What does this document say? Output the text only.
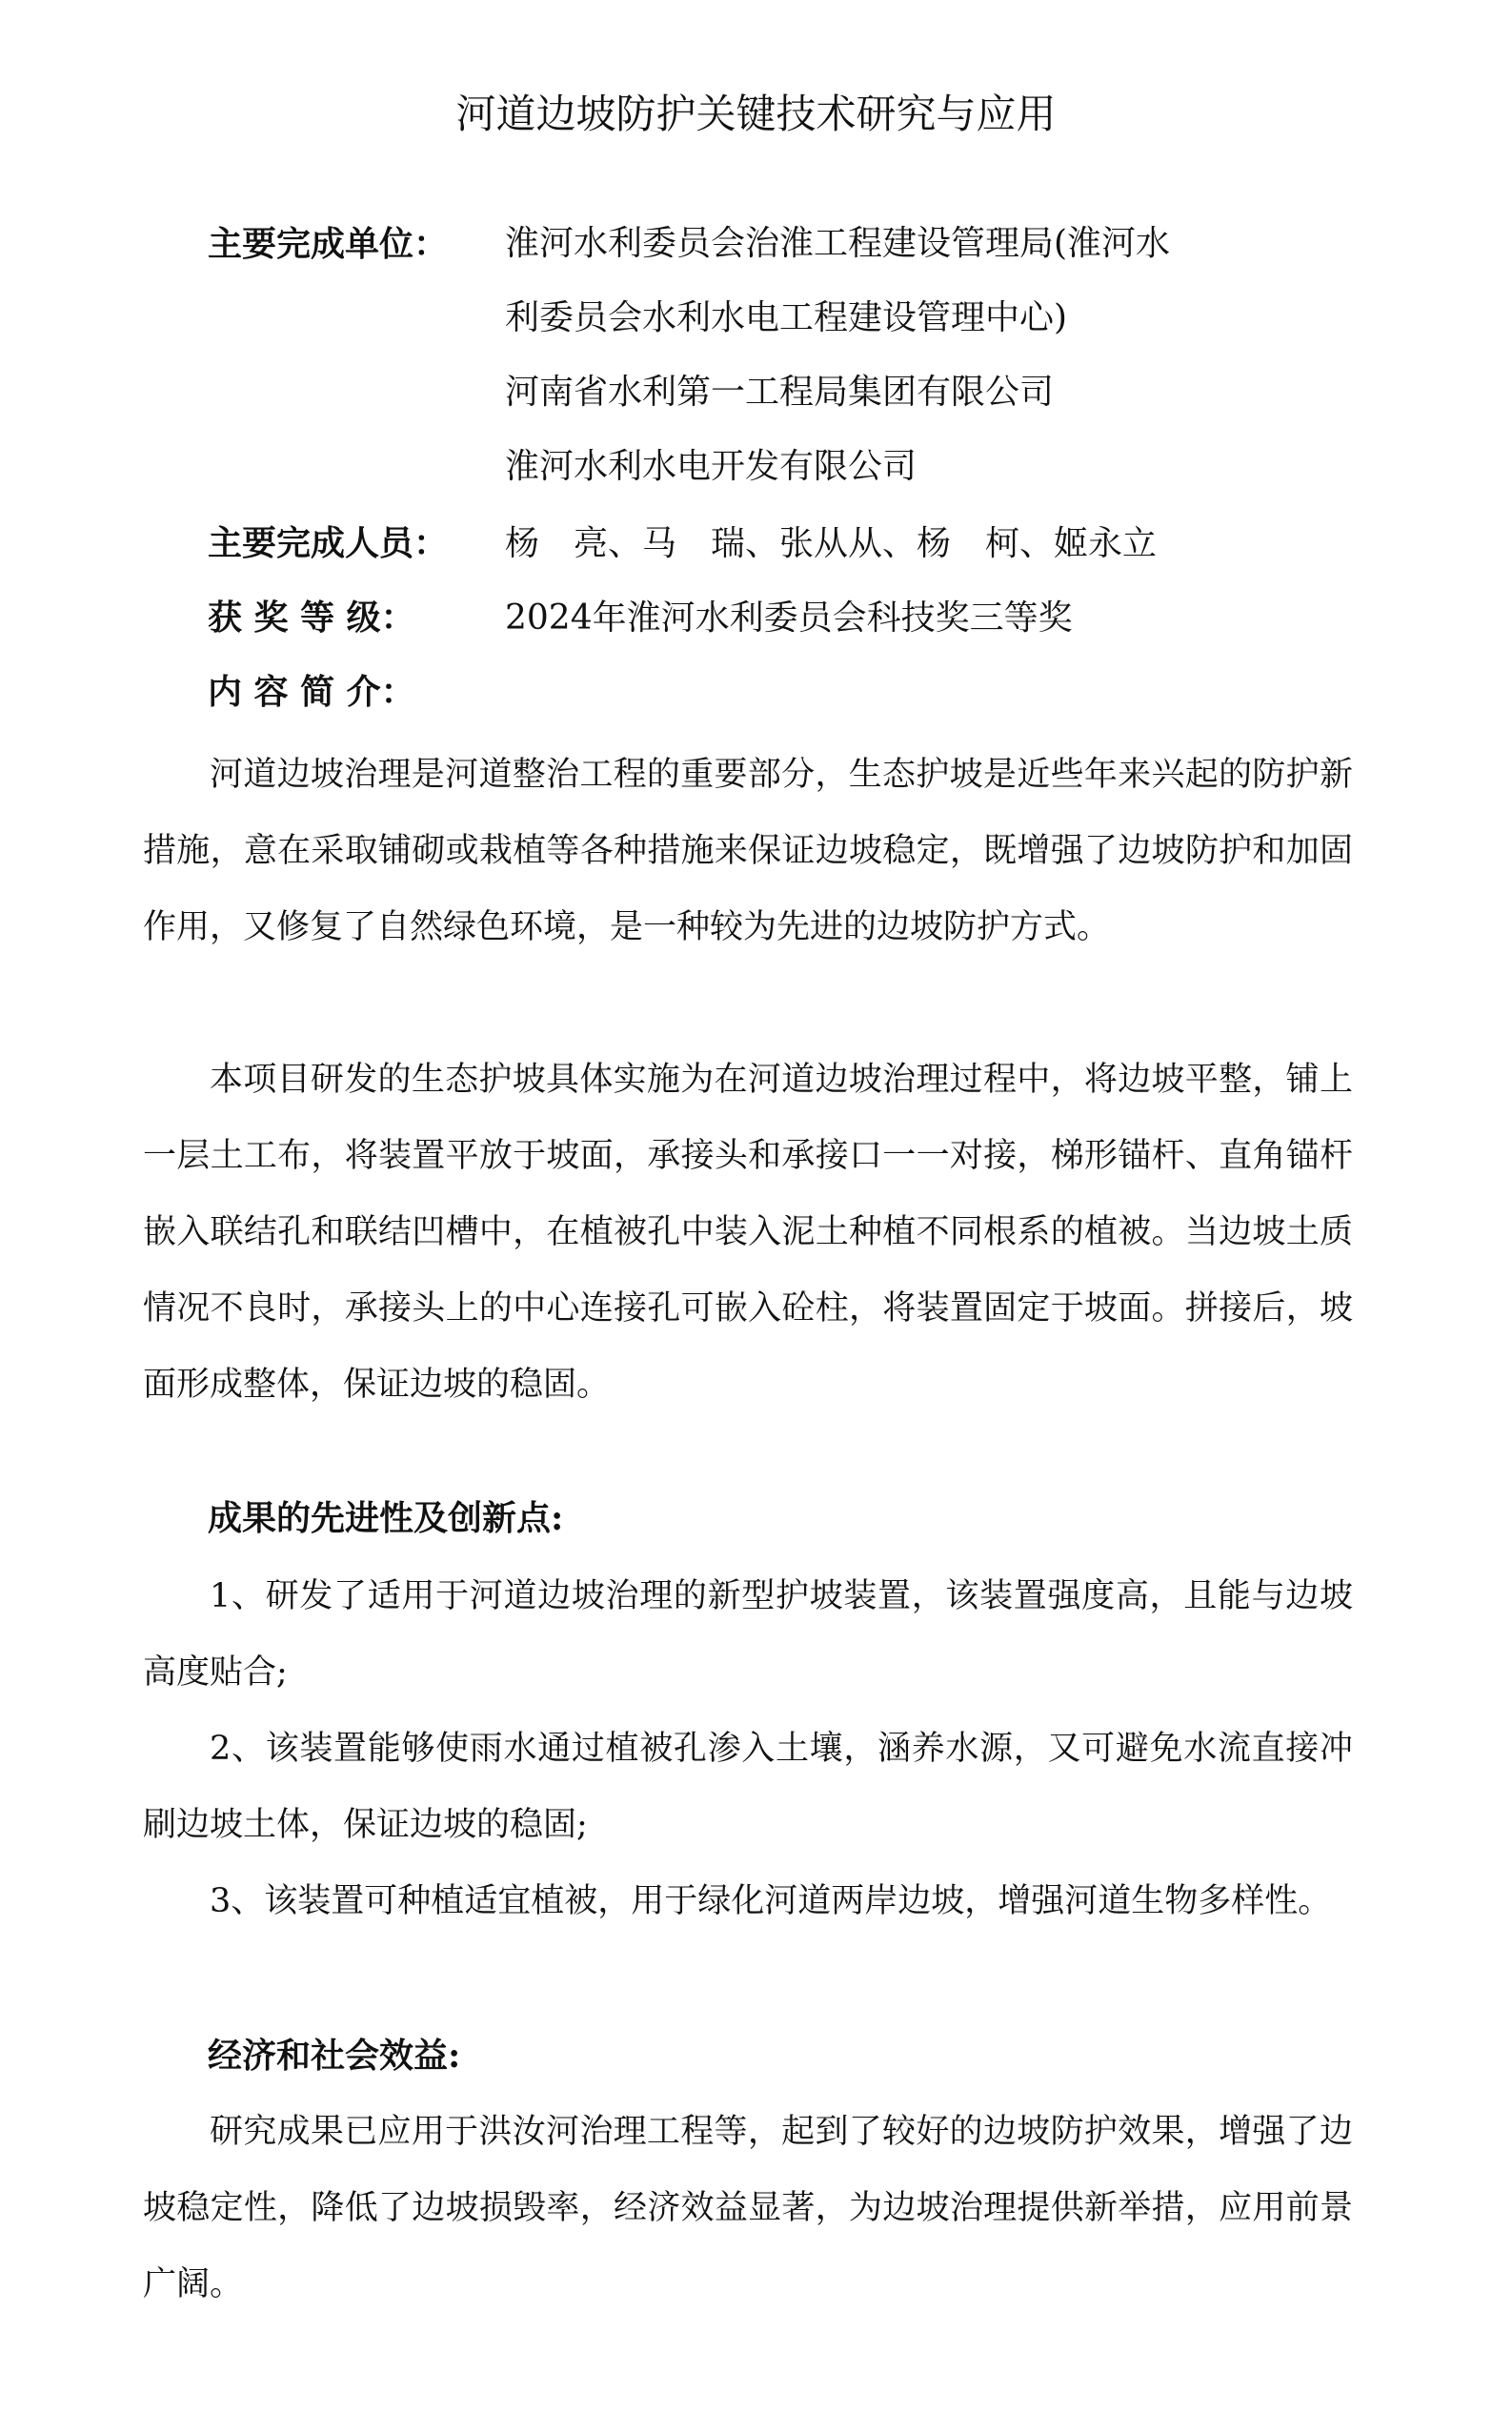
河道边坡防护关键技术研究与应用
主要完成单位：	淮河水利委员会治淮工程建设管理局(淮河水
利委员会水利水电工程建设管理中心)
河南省水利第一工程局集团有限公司
淮河水利水电开发有限公司
主要完成人员： 杨　亮、马　瑞、张从从、杨　柯、姬永立
获 奖 等 级：	2024年淮河水利委员会科技奖三等奖
内 容 简 介：

河道边坡治理是河道整治工程的重要部分，生态护坡是近些年来兴起的防护新措施，意在采取铺砌或栽植等各种措施来保证边坡稳定，既增强了边坡防护和加固作用，又修复了自然绿色环境，是一种较为先进的边坡防护方式。

本项目研发的生态护坡具体实施为在河道边坡治理过程中，将边坡平整，铺上一层土工布，将装置平放于坡面，承接头和承接口一一对接，梯形锚杆、直角锚杆嵌入联结孔和联结凹槽中，在植被孔中装入泥土种植不同根系的植被。当边坡土质情况不良时，承接头上的中心连接孔可嵌入砼柱，将装置固定于坡面。拼接后，坡面形成整体，保证边坡的稳固。

成果的先进性及创新点:

1、研发了适用于河道边坡治理的新型护坡装置，该装置强度高，且能与边坡高度贴合;

2、该装置能够使雨水通过植被孔渗入土壤，涵养水源，又可避免水流直接冲刷边坡土体，保证边坡的稳固;

3、该装置可种植适宜植被，用于绿化河道两岸边坡，增强河道生物多样性。

经济和社会效益:

研究成果已应用于洪汝河治理工程等，起到了较好的边坡防护效果，增强了边坡稳定性，降低了边坡损毁率，经济效益显著，为边坡治理提供新举措，应用前景广阔。
